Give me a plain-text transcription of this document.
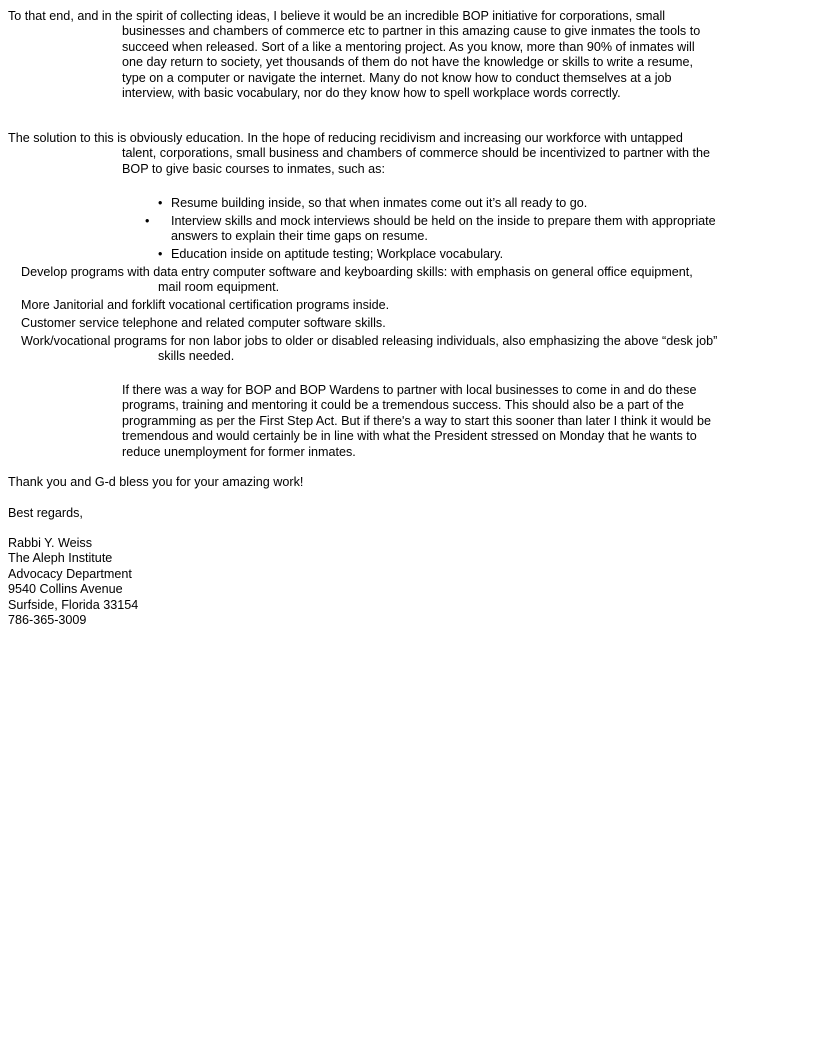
To that end, and in the spirit of collecting ideas, I believe it would be an incredible BOP initiative for corporations, small businesses and chambers of commerce etc to partner in this amazing cause to give inmates the tools to succeed when released. Sort of a like a mentoring project. As you know, more than 90% of inmates will one day return to society, yet thousands of them do not have the knowledge or skills to write a resume, type on a computer or navigate the internet. Many do not know how to conduct themselves at a job interview, with basic vocabulary, nor do they know how to spell workplace words correctly.

The solution to this is obviously education. In the hope of reducing recidivism and increasing our workforce with untapped talent, corporations, small business and chambers of commerce should be incentivized to partner with the BOP to give basic courses to inmates, such as:

• Resume building inside, so that when inmates come out it’s all ready to go.

• Interview skills and mock interviews should be held on the inside to prepare them with appropriate answers to explain their time gaps on resume.

• Education inside on aptitude testing; Workplace vocabulary.

Develop programs with data entry computer software and keyboarding skills: with emphasis on general office equipment, mail room equipment.

More Janitorial and forklift vocational certification programs inside.

Customer service telephone and related computer software skills.

Work/vocational programs for non labor jobs to older or disabled releasing individuals, also emphasizing the above “desk job” skills needed.

If there was a way for BOP and BOP Wardens to partner with local businesses to come in and do these programs, training and mentoring it could be a tremendous success. This should also be a part of the programming as per the First Step Act. But if there's a way to start this sooner than later I think it would be tremendous and would certainly be in line with what the President stressed on Monday that he wants to reduce unemployment for former inmates.

Thank you and G-d bless you for your amazing work!

Best regards,

Rabbi Y. Weiss
The Aleph Institute
Advocacy Department
9540 Collins Avenue
Surfside, Florida 33154
786-365-3009
